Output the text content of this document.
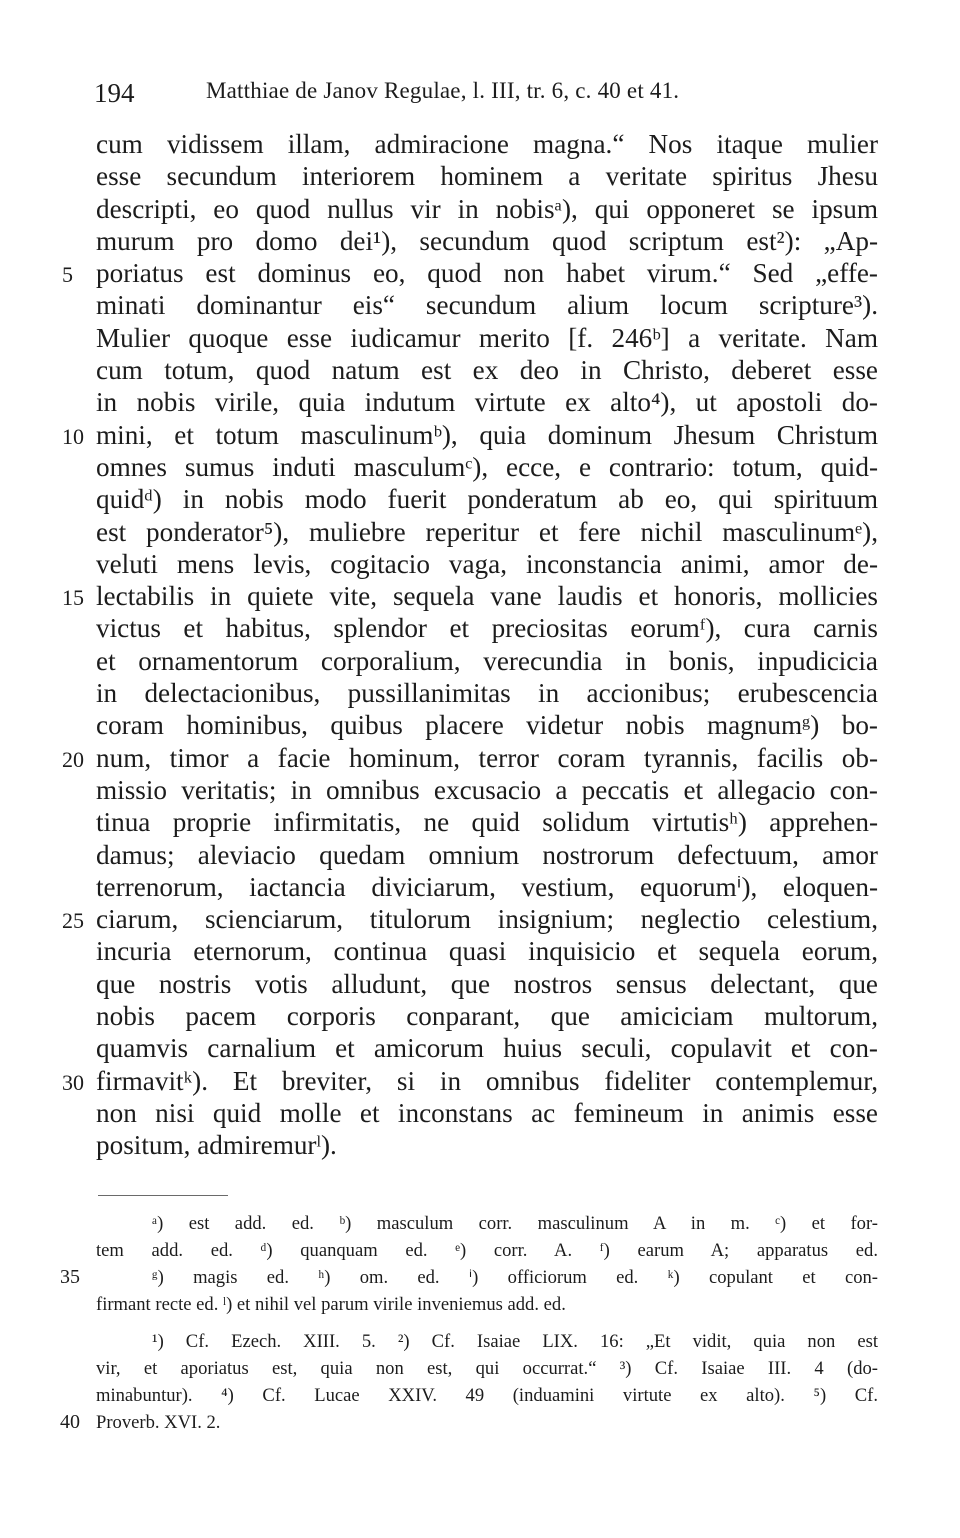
194	Matthiae de Janov Regulae, l. III, tr. 6, c. 40 et 41.
cum vidissem illam, admiracione magna.“ Nos itaque mulier
esse secundum interiorem hominem a veritate spiritus Jhesu
descripti, eo quod nullus vir in nobisᵃ), qui opponeret se ipsum
murum pro domo dei¹), secundum quod scriptum est²): „Ap-
5 poriatus est dominus eo, quod non habet virum.“ Sed „effe-
minati dominantur eis“ secundum alium locum scripture³).
Mulier quoque esse iudicamur merito [f. 246ᵇ] a veritate. Nam
cum totum, quod natum est ex deo in Christo, deberet esse
in nobis virile, quia indutum virtute ex alto⁴), ut apostoli do-
10 mini, et totum masculinumᵇ), quia dominum Jhesum Christum
omnes sumus induti masculumᶜ), ecce, e contrario: totum, quid-
quidᵈ) in nobis modo fuerit ponderatum ab eo, qui spirituum
est ponderator⁵), muliebre reperitur et fere nichil masculinumᵉ),
veluti mens levis, cogitacio vaga, inconstancia animi, amor de-
15 lectabilis in quiete vite, sequela vane laudis et honoris, mollicies
victus et habitus, splendor et preciositas eorumᶠ), cura carnis
et ornamentorum corporalium, verecundia in bonis, inpudicicia
in delectacionibus, pussillanimitas in accionibus; erubescencia
coram hominibus, quibus placere videtur nobis magnumᵍ) bo-
20 num, timor a facie hominum, terror coram tyrannis, facilis ob-
missio veritatis; in omnibus excusacio a peccatis et allegacio con-
tinua proprie infirmitatis, ne quid solidum virtutisʰ) apprehen-
damus; aleviacio quedam omnium nostrorum defectuum, amor
terrenorum, iactancia diviciarum, vestium, equorumⁱ), eloquen-
25 ciarum, scienciarum, titulorum insignium; neglectio celestium,
incuria eternorum, continua quasi inquisicio et sequela eorum,
que nostris votis alludunt, que nostros sensus delectant, que
nobis pacem corporis conparant, que amiciciam multorum,
quamvis carnalium et amicorum huius seculi, copulavit et con-
30 firmavitᵏ). Et breviter, si in omnibus fideliter contemplemur,
non nisi quid molle et inconstans ac femineum in animis esse
positum, admiremurˡ).
ᵃ) est add. ed. ᵇ) masculum corr. masculinum A in m. ᶜ) et for-
tem add. ed. ᵈ) quanquam ed. ᵉ) corr. A. ᶠ) earum A; apparatus ed.
35	ᵍ) magis ed. ʰ) om. ed. ⁱ) officiorum ed. ᵏ) copulant et con-
firmant recte ed. ˡ) et nihil vel parum virile inveniemus add. ed.
¹) Cf. Ezech. XIII. 5. ²) Cf. Isaiae LIX. 16: „Et vidit, quia non est
vir, et aporiatus est, quia non est, qui occurrat.“ ³) Cf. Isaiae III. 4 (do-
minabuntur). ⁴) Cf. Lucae XXIV. 49 (induamini virtute ex alto). ⁵) Cf.
40 Proverb. XVI. 2.
